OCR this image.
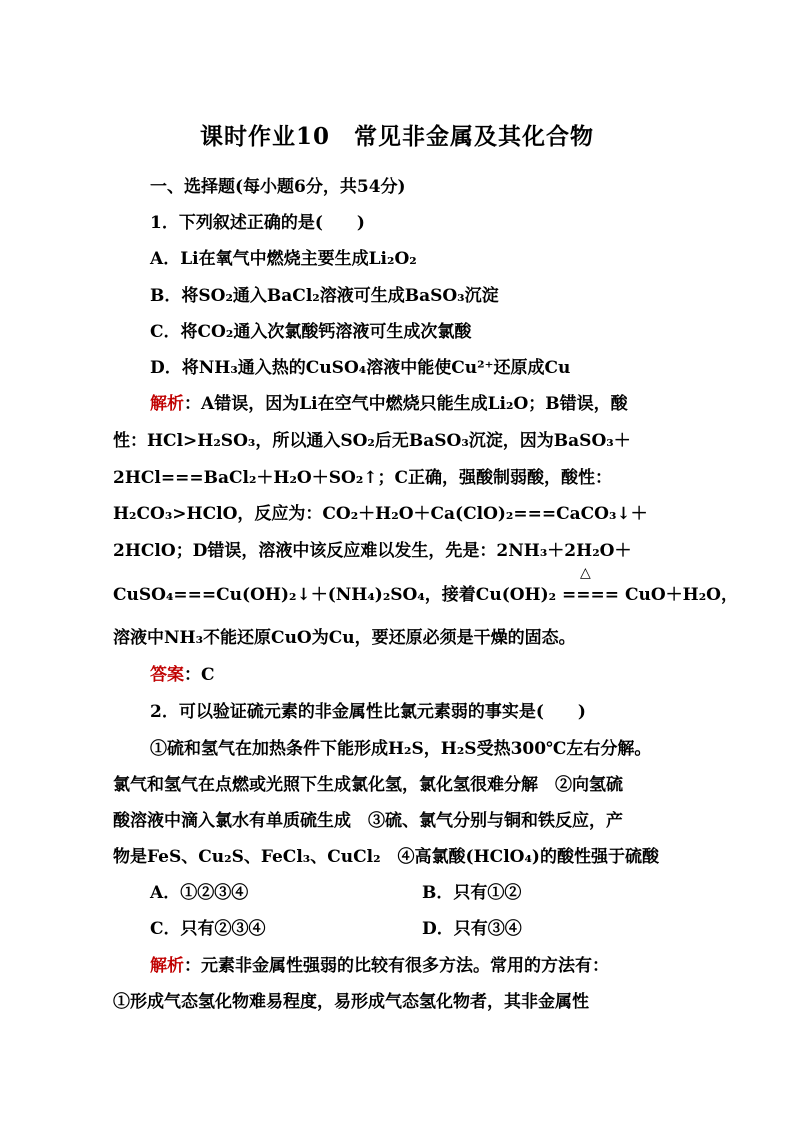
课时作业10　常见非金属及其化合物
一、选择题(每小题6分，共54分)
1．下列叙述正确的是(　　)
A．Li在氧气中燃烧主要生成Li₂O₂
B．将SO₂通入BaCl₂溶液可生成BaSO₃沉淀
C．将CO₂通入次氯酸钙溶液可生成次氯酸
D．将NH₃通入热的CuSO₄溶液中能使Cu²⁺还原成Cu
解析：A错误，因为Li在空气中燃烧只能生成Li₂O；B错误，酸
性：HCl>H₂SO₃，所以通入SO₂后无BaSO₃沉淀，因为BaSO₃＋
2HCl===BaCl₂＋H₂O＋SO₂↑；C正确，强酸制弱酸，酸性：
H₂CO₃>HClO，反应为：CO₂＋H₂O＋Ca(ClO)₂===CaCO₃↓＋
2HClO；D错误，溶液中该反应难以发生，先是：2NH₃＋2H₂O＋
CuSO₄===Cu(OH)₂↓＋(NH₄)₂SO₄，接着Cu(OH)₂
△
==== CuO＋H₂O，
溶液中NH₃不能还原CuO为Cu，要还原必须是干燥的固态。
答案：C
2．可以验证硫元素的非金属性比氯元素弱的事实是(　　)
①硫和氢气在加热条件下能形成H₂S，H₂S受热300℃左右分解。
氯气和氢气在点燃或光照下生成氯化氢，氯化氢很难分解　②向氢硫
酸溶液中滴入氯水有单质硫生成　③硫、氯气分别与铜和铁反应，产
物是FeS、Cu₂S、FeCl₃、CuCl₂　④高氯酸(HClO₄)的酸性强于硫酸
A．①②③④	B．只有①②
C．只有②③④	D．只有③④
解析：元素非金属性强弱的比较有很多方法。常用的方法有：
①形成气态氢化物难易程度，易形成气态氢化物者，其非金属性
